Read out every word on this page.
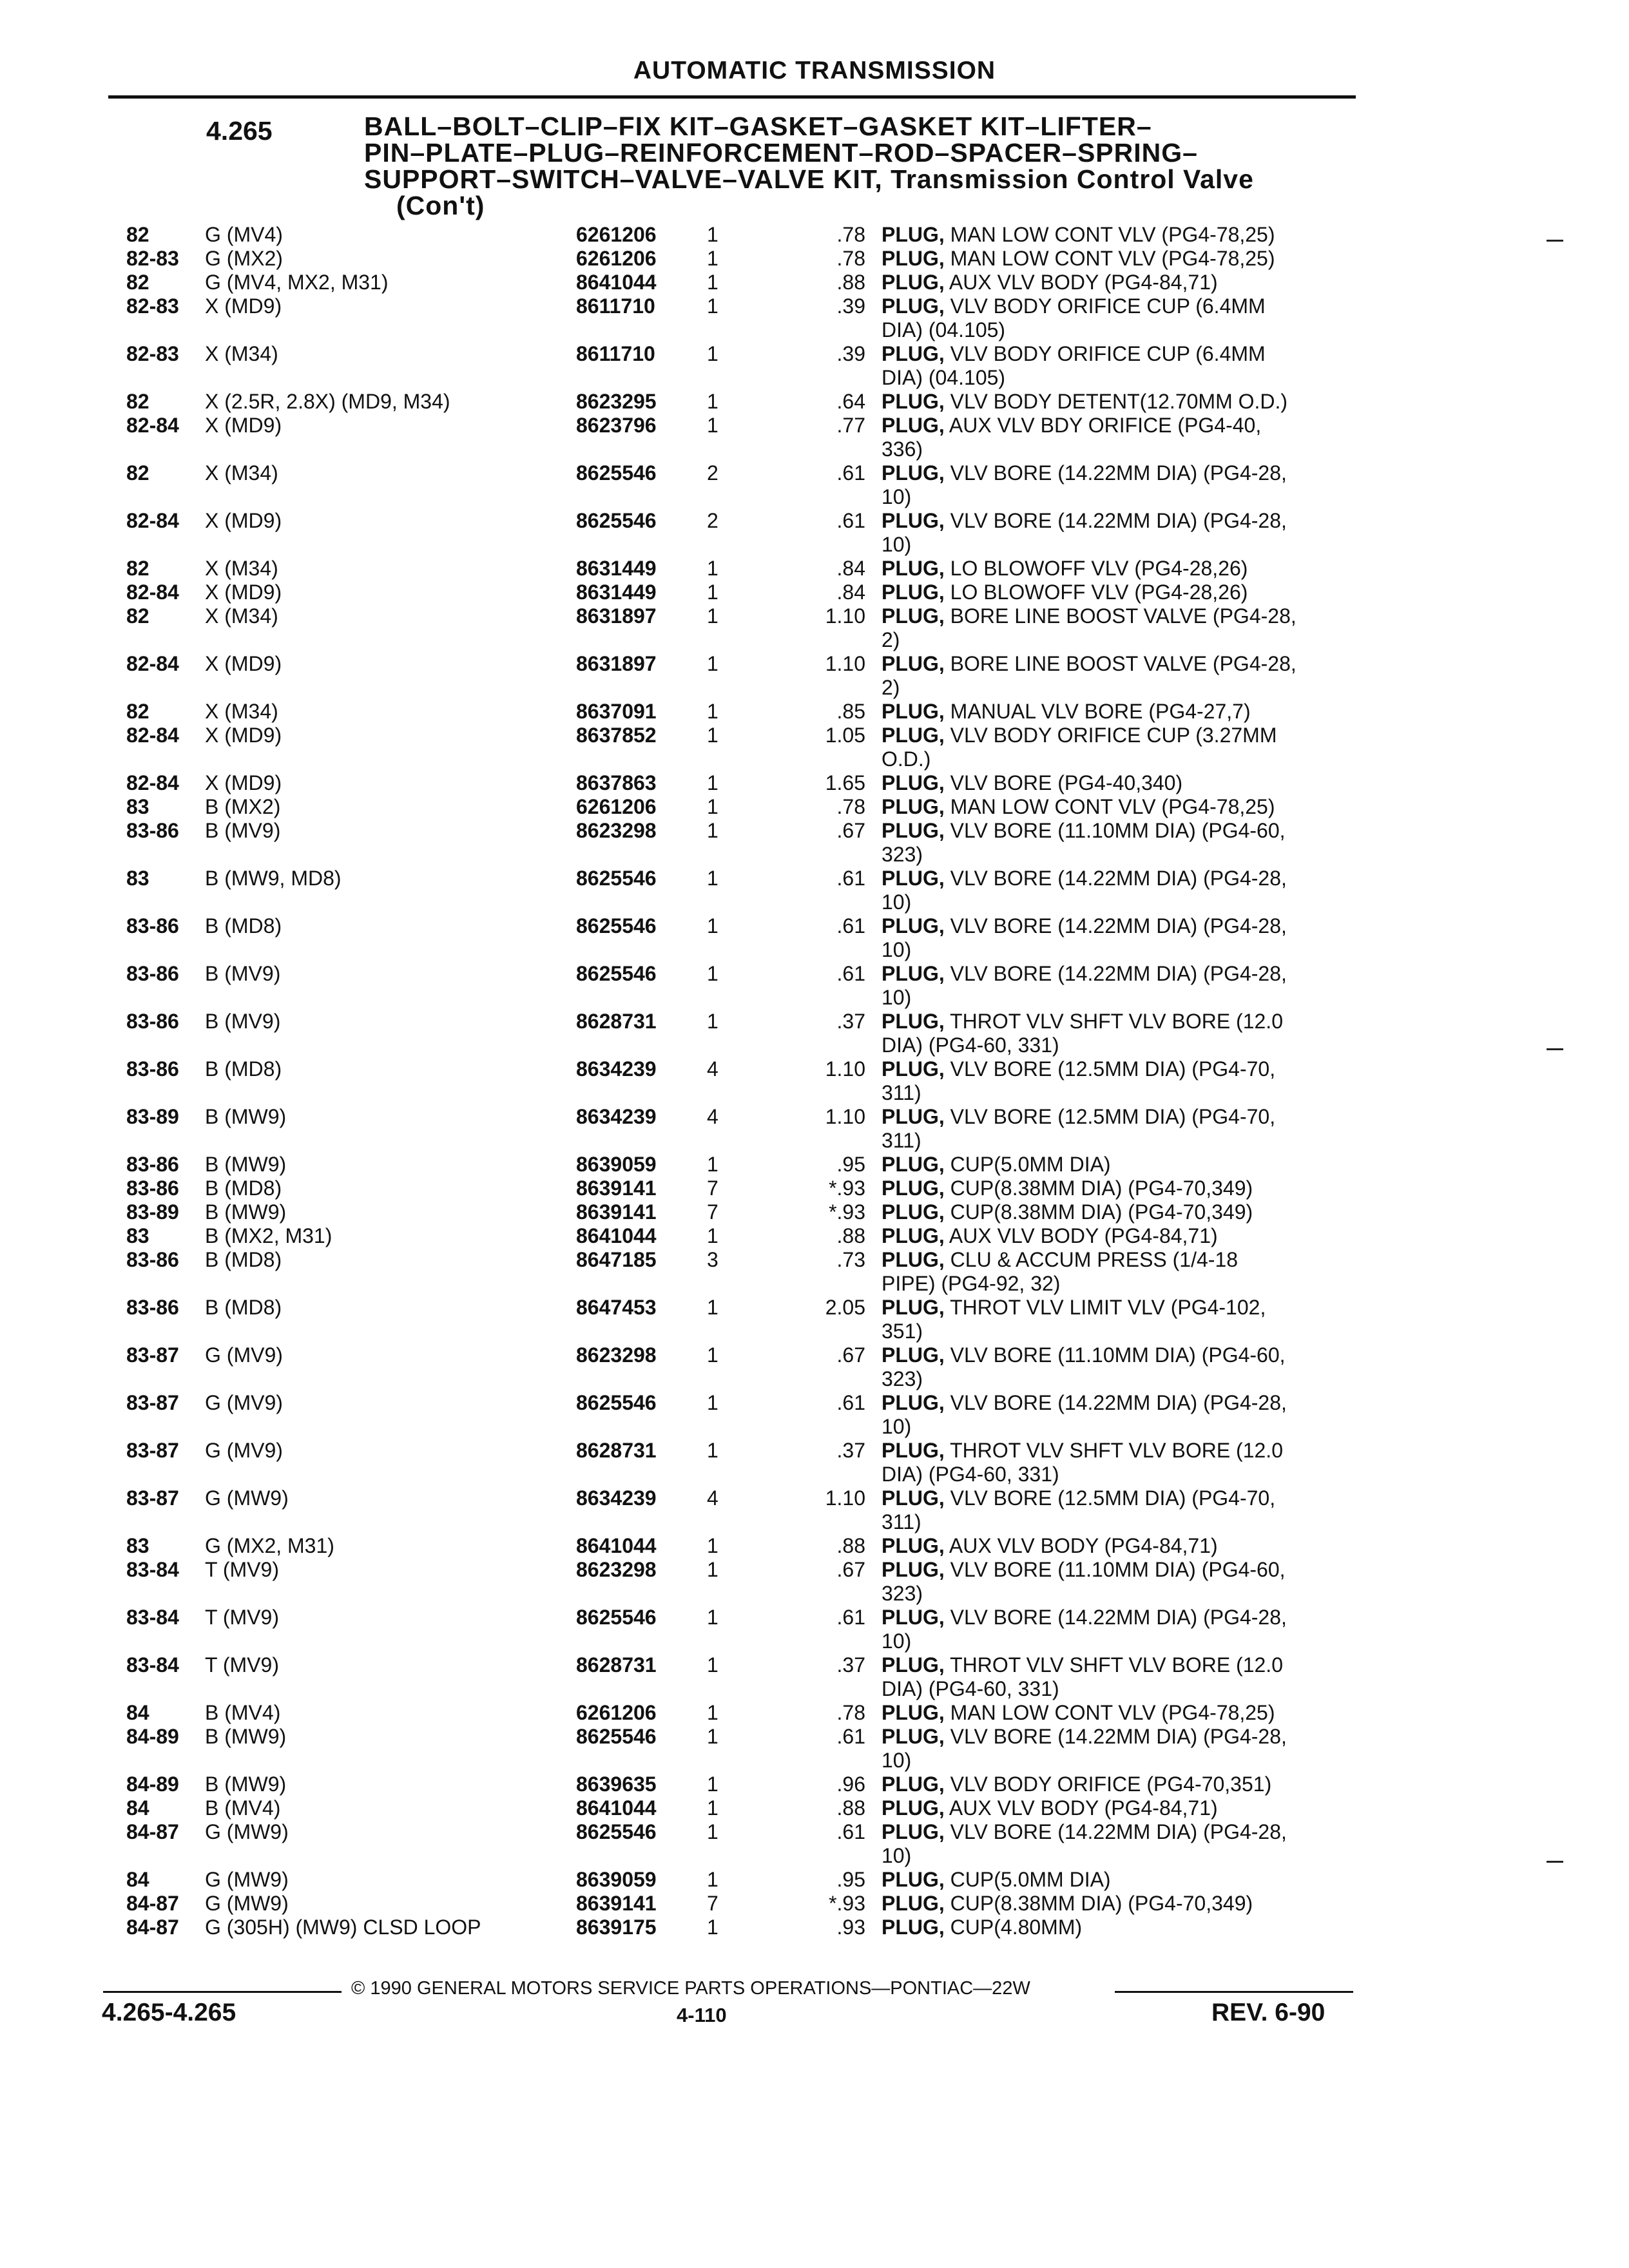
AUTOMATIC TRANSMISSION
4.265	BALL–BOLT–CLIP–FIX KIT–GASKET–GASKET KIT–LIFTER–
PIN–PLATE–PLUG–REINFORCEMENT–ROD–SPACER–SPRING–
SUPPORT–SWITCH–VALVE–VALVE KIT, Transmission Control Valve
(Con't)
82	G (MV4)	6261206 1	.78 PLUG, MAN LOW CONT VLV (PG4-78,25)
82-83 G (MX2)	6261206 1	.78 PLUG, MAN LOW CONT VLV (PG4-78,25)
82	G (MV4, MX2, M31)	8641044 1	.88 PLUG, AUX VLV BODY (PG4-84,71)
82-83 X (MD9)	8611710	1	.39 PLUG, VLV BODY ORIFICE CUP (6.4MM
DIA) (04.105)
82-83 X (M34)	8611710	1	.39 PLUG, VLV BODY ORIFICE CUP (6.4MM
DIA) (04.105)
82	X (2.5R, 2.8X) (MD9, M34)	8623295 1	.64 PLUG, VLV BODY DETENT(12.70MM O.D.)
82-84 X (MD9)	8623796 1	.77 PLUG, AUX VLV BDY ORIFICE (PG4-40,
336)
82	X (M34)	8625546 2	.61 PLUG, VLV BORE (14.22MM DIA) (PG4-28,
10)
82-84 X (MD9)	8625546 2	.61 PLUG, VLV BORE (14.22MM DIA) (PG4-28,
10)
82	X (M34)	8631449 1	.84 PLUG, LO BLOWOFF VLV (PG4-28,26)
82-84 X (MD9)	8631449 1	.84 PLUG, LO BLOWOFF VLV (PG4-28,26)
82	X (M34)	8631897 1	1.10 PLUG, BORE LINE BOOST VALVE (PG4-28,
2)
82-84 X (MD9)	8631897 1	1.10 PLUG, BORE LINE BOOST VALVE (PG4-28,
2)
82	X (M34)	8637091 1	.85 PLUG, MANUAL VLV BORE (PG4-27,7)
82-84 X (MD9)	8637852 1	1.05 PLUG, VLV BODY ORIFICE CUP (3.27MM
O.D.)
82-84 X (MD9)	8637863 1	1.65 PLUG, VLV BORE (PG4-40,340)
83	B (MX2)	6261206 1	.78 PLUG, MAN LOW CONT VLV (PG4-78,25)
83-86 B (MV9)	8623298 1	.67 PLUG, VLV BORE (11.10MM DIA) (PG4-60,
323)
83	B (MW9, MD8)	8625546 1	.61 PLUG, VLV BORE (14.22MM DIA) (PG4-28,
10)
83-86 B (MD8)	8625546 1	.61 PLUG, VLV BORE (14.22MM DIA) (PG4-28,
10)
83-86 B (MV9)	8625546 1	.61 PLUG, VLV BORE (14.22MM DIA) (PG4-28,
10)
83-86 B (MV9)	8628731 1	.37 PLUG, THROT VLV SHFT VLV BORE (12.0
DIA) (PG4-60, 331)
83-86 B (MD8)	8634239 4	1.10 PLUG, VLV BORE (12.5MM DIA) (PG4-70,
311)
83-89 B (MW9)	8634239 4	1.10 PLUG, VLV BORE (12.5MM DIA) (PG4-70,
311)
83-86 B (MW9)	8639059 1	.95 PLUG, CUP(5.0MM DIA)
83-86 B (MD8)	8639141 7	*.93 PLUG, CUP(8.38MM DIA) (PG4-70,349)
83-89 B (MW9)	8639141 7	*.93 PLUG, CUP(8.38MM DIA) (PG4-70,349)
83	B (MX2, M31)	8641044 1	.88 PLUG, AUX VLV BODY (PG4-84,71)
83-86 B (MD8)	8647185 3	.73 PLUG, CLU & ACCUM PRESS (1/4-18
PIPE) (PG4-92, 32)
83-86 B (MD8)	8647453 1	2.05 PLUG, THROT VLV LIMIT VLV (PG4-102,
351)
83-87 G (MV9)	8623298 1	.67 PLUG, VLV BORE (11.10MM DIA) (PG4-60,
323)
83-87 G (MV9)	8625546 1	.61 PLUG, VLV BORE (14.22MM DIA) (PG4-28,
10)
83-87 G (MV9)	8628731 1	.37 PLUG, THROT VLV SHFT VLV BORE (12.0
DIA) (PG4-60, 331)
83-87 G (MW9)	8634239 4	1.10 PLUG, VLV BORE (12.5MM DIA) (PG4-70,
311)
83	G (MX2, M31)	8641044 1	.88 PLUG, AUX VLV BODY (PG4-84,71)
83-84 T (MV9)	8623298 1	.67 PLUG, VLV BORE (11.10MM DIA) (PG4-60,
323)
83-84 T (MV9)	8625546 1	.61 PLUG, VLV BORE (14.22MM DIA) (PG4-28,
10)
83-84 T (MV9)	8628731 1	.37 PLUG, THROT VLV SHFT VLV BORE (12.0
DIA) (PG4-60, 331)
84	B (MV4)	6261206 1	.78 PLUG, MAN LOW CONT VLV (PG4-78,25)
84-89 B (MW9)	8625546 1	.61 PLUG, VLV BORE (14.22MM DIA) (PG4-28,
10)
84-89 B (MW9)	8639635 1	.96 PLUG, VLV BODY ORIFICE (PG4-70,351)
84	B (MV4)	8641044 1	.88 PLUG, AUX VLV BODY (PG4-84,71)
84-87 G (MW9)	8625546 1	.61 PLUG, VLV BORE (14.22MM DIA) (PG4-28,
10)
84	G (MW9)	8639059 1	.95 PLUG, CUP(5.0MM DIA)
84-87 G (MW9)	8639141 7	*.93 PLUG, CUP(8.38MM DIA) (PG4-70,349)
84-87 G (305H) (MW9) CLSD LOOP	8639175 1	.93 PLUG, CUP(4.80MM)
© 1990 GENERAL MOTORS SERVICE PARTS OPERATIONS—PONTIAC—22W
4.265-4.265	4-110	REV. 6-90
